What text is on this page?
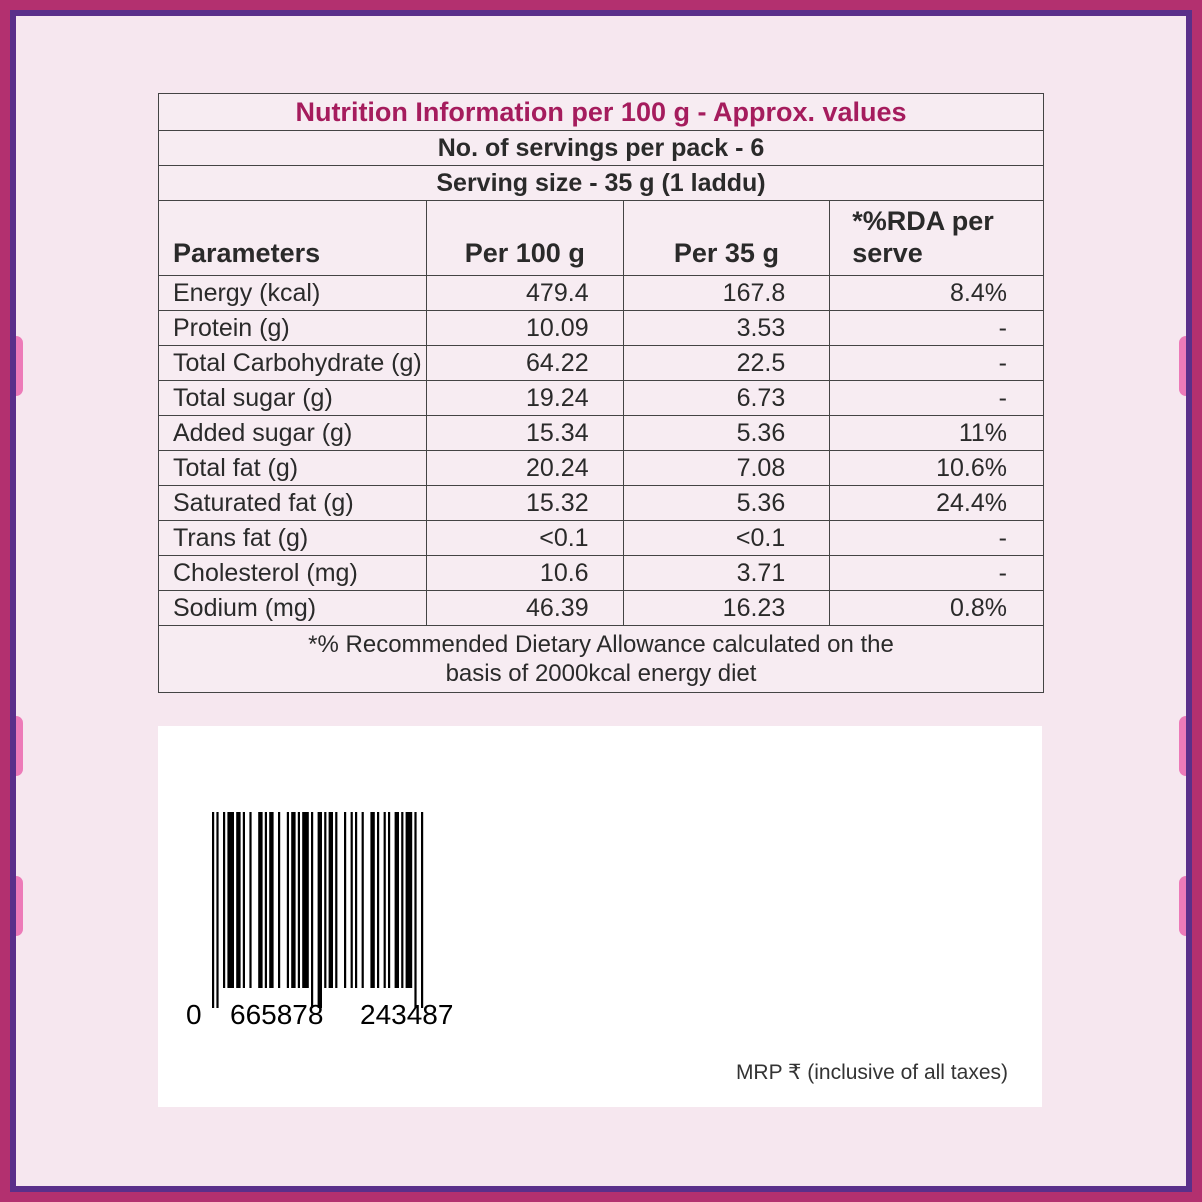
Nutrition Information per 100 g - Approx. values			
No. of servings per pack - 6			
Serving size - 35 g (1 laddu)			
Parameters	Per 100 g	Per 35 g	*%RDA per
serve
Energy (kcal)	479.4	167.8	8.4%
Protein (g)	10.09	3.53	-
Total Carbohydrate (g)	64.22	22.5	-
Total sugar (g)	19.24	6.73	-
Added sugar (g)	15.34	5.36	11%
Total fat (g)	20.24	7.08	10.6%
Saturated fat (g)	15.32	5.36	24.4%
Trans fat (g)	<0.1	<0.1	-
Cholesterol (mg)	10.6	3.71	-
Sodium (mg)	46.39	16.23	0.8%

*% Recommended Dietary Allowance calculated on the
basis of 2000kcal energy diet			
0 665878 243487
MRP ₹ (inclusive of all taxes)
